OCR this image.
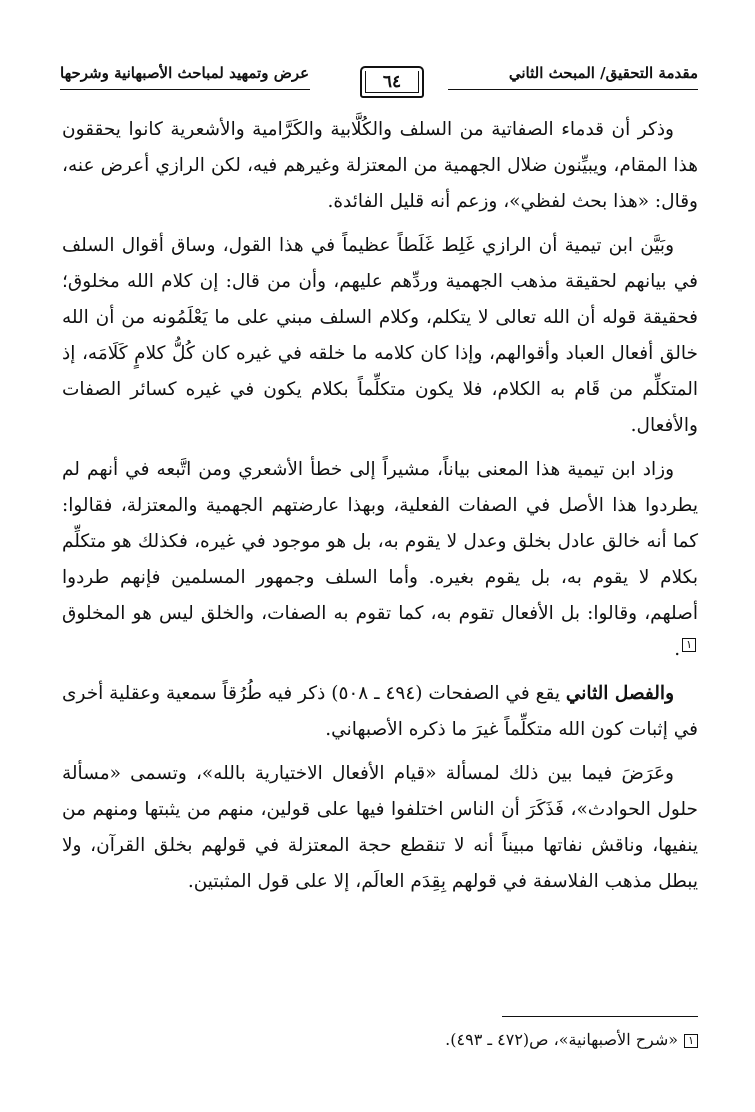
مقدمة التحقيق/ المبحث الثاني
٦٤
عرض وتمهيد لمباحث الأصبهانية وشرحها

وذكر أن قدماء الصفاتية من السلف والكُلَّابية والكَرَّامية والأشعرية كانوا يحققون هذا المقام، ويبيِّنون ضلال الجهمية من المعتزلة وغيرهم فيه، لكن الرازي أعرض عنه، وقال: «هذا بحث لفظي»، وزعم أنه قليل الفائدة.

وبَيَّن ابن تيمية أن الرازي غَلِط غَلَطاً عظيماً في هذا القول، وساق أقوال السلف في بيانهم لحقيقة مذهب الجهمية وردِّهم عليهم، وأن من قال: إن كلام الله مخلوق؛ فحقيقة قوله أن الله تعالى لا يتكلم، وكلام السلف مبني على ما يَعْلَمُونه من أن الله خالق أفعال العباد وأقوالهم، وإذا كان كلامه ما خلقه في غيره كان كُلُّ كلامٍ كَلَامَه، إذ المتكلِّم من قَام به الكلام، فلا يكون متكلِّماً بكلام يكون في غيره كسائر الصفات والأفعال.

وزاد ابن تيمية هذا المعنى بياناً، مشيراً إلى خطأ الأشعري ومن اتَّبعه في أنهم لم يطردوا هذا الأصل في الصفات الفعلية، وبهذا عارضتهم الجهمية والمعتزلة، فقالوا: كما أنه خالق عادل بخلق وعدل لا يقوم به، بل هو موجود في غيره، فكذلك هو متكلِّم بكلام لا يقوم به، بل يقوم بغيره. وأما السلف وجمهور المسلمين فإنهم طردوا أصلهم، وقالوا: بل الأفعال تقوم به، كما تقوم به الصفات، والخلق ليس هو المخلوق١.

والفصل الثاني يقع في الصفحات (٤٩٤ ـ ٥٠٨) ذكر فيه طُرُقاً سمعية وعقلية أخرى في إثبات كون الله متكلِّماً غيرَ ما ذكره الأصبهاني.

وعَرَضَ فيما بين ذلك لمسألة «قيام الأفعال الاختيارية بالله»، وتسمى «مسألة حلول الحوادث»، فَذَكَرَ أن الناس اختلفوا فيها على قولين، منهم من يثبتها ومنهم من ينفيها، وناقش نفاتها مبيناً أنه لا تنقطع حجة المعتزلة في قولهم بخلق القرآن، ولا يبطل مذهب الفلاسفة في قولهم بِقِدَم العالَم، إلا على قول المثبتين.

١«شرح الأصبهانية»، ص(٤٧٢ ـ ٤٩٣).
